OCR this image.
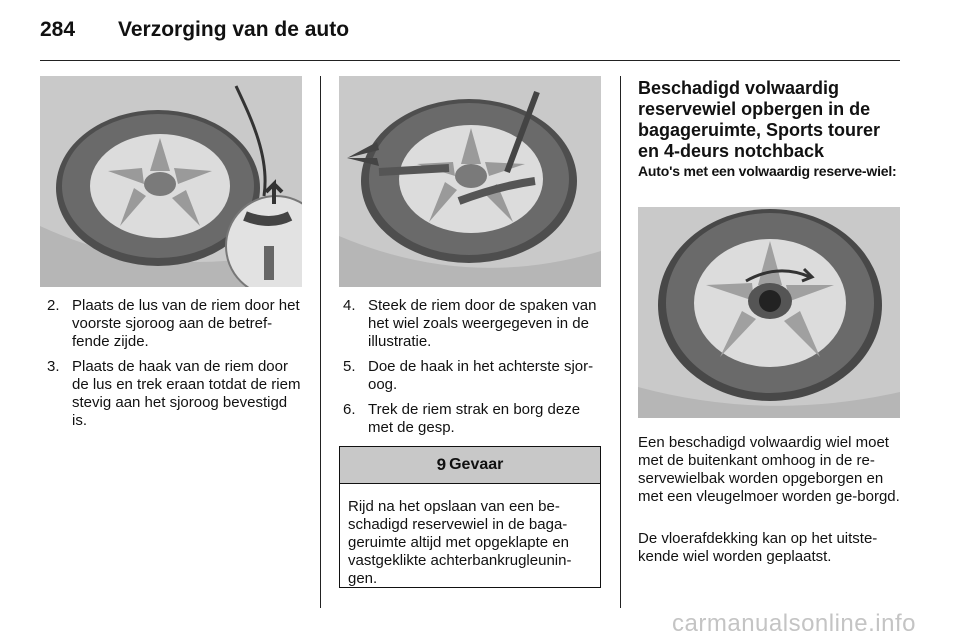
284 Verzorging van de auto
2. Plaats de lus van de riem door het voorste sjoroog aan de betref-fende zijde.
3. Plaats de haak van de riem door de lus en trek eraan totdat de riem stevig aan het sjoroog bevestigd is.
4. Steek de riem door de spaken van het wiel zoals weergegeven in de illustratie.
5. Doe de haak in het achterste sjor-oog.
6. Trek de riem strak en borg deze met de gesp.
9 Gevaar
Rijd na het opslaan van een be-schadigd reservewiel in de baga-geruimte altijd met opgeklapte en vastgeklikte achterbankrugleunin-gen.
Beschadigd volwaardig reservewiel opbergen in de bagageruimte, Sports tourer en 4-deurs notchback
Auto's met een volwaardig reserve-wiel:

Een beschadigd volwaardig wiel moet met de buitenkant omhoog in de re-servewielbak worden opgeborgen en met een vleugelmoer worden ge-borgd.

De vloerafdekking kan op het uitste-kende wiel worden geplaatst.

carmanualsonline.info
